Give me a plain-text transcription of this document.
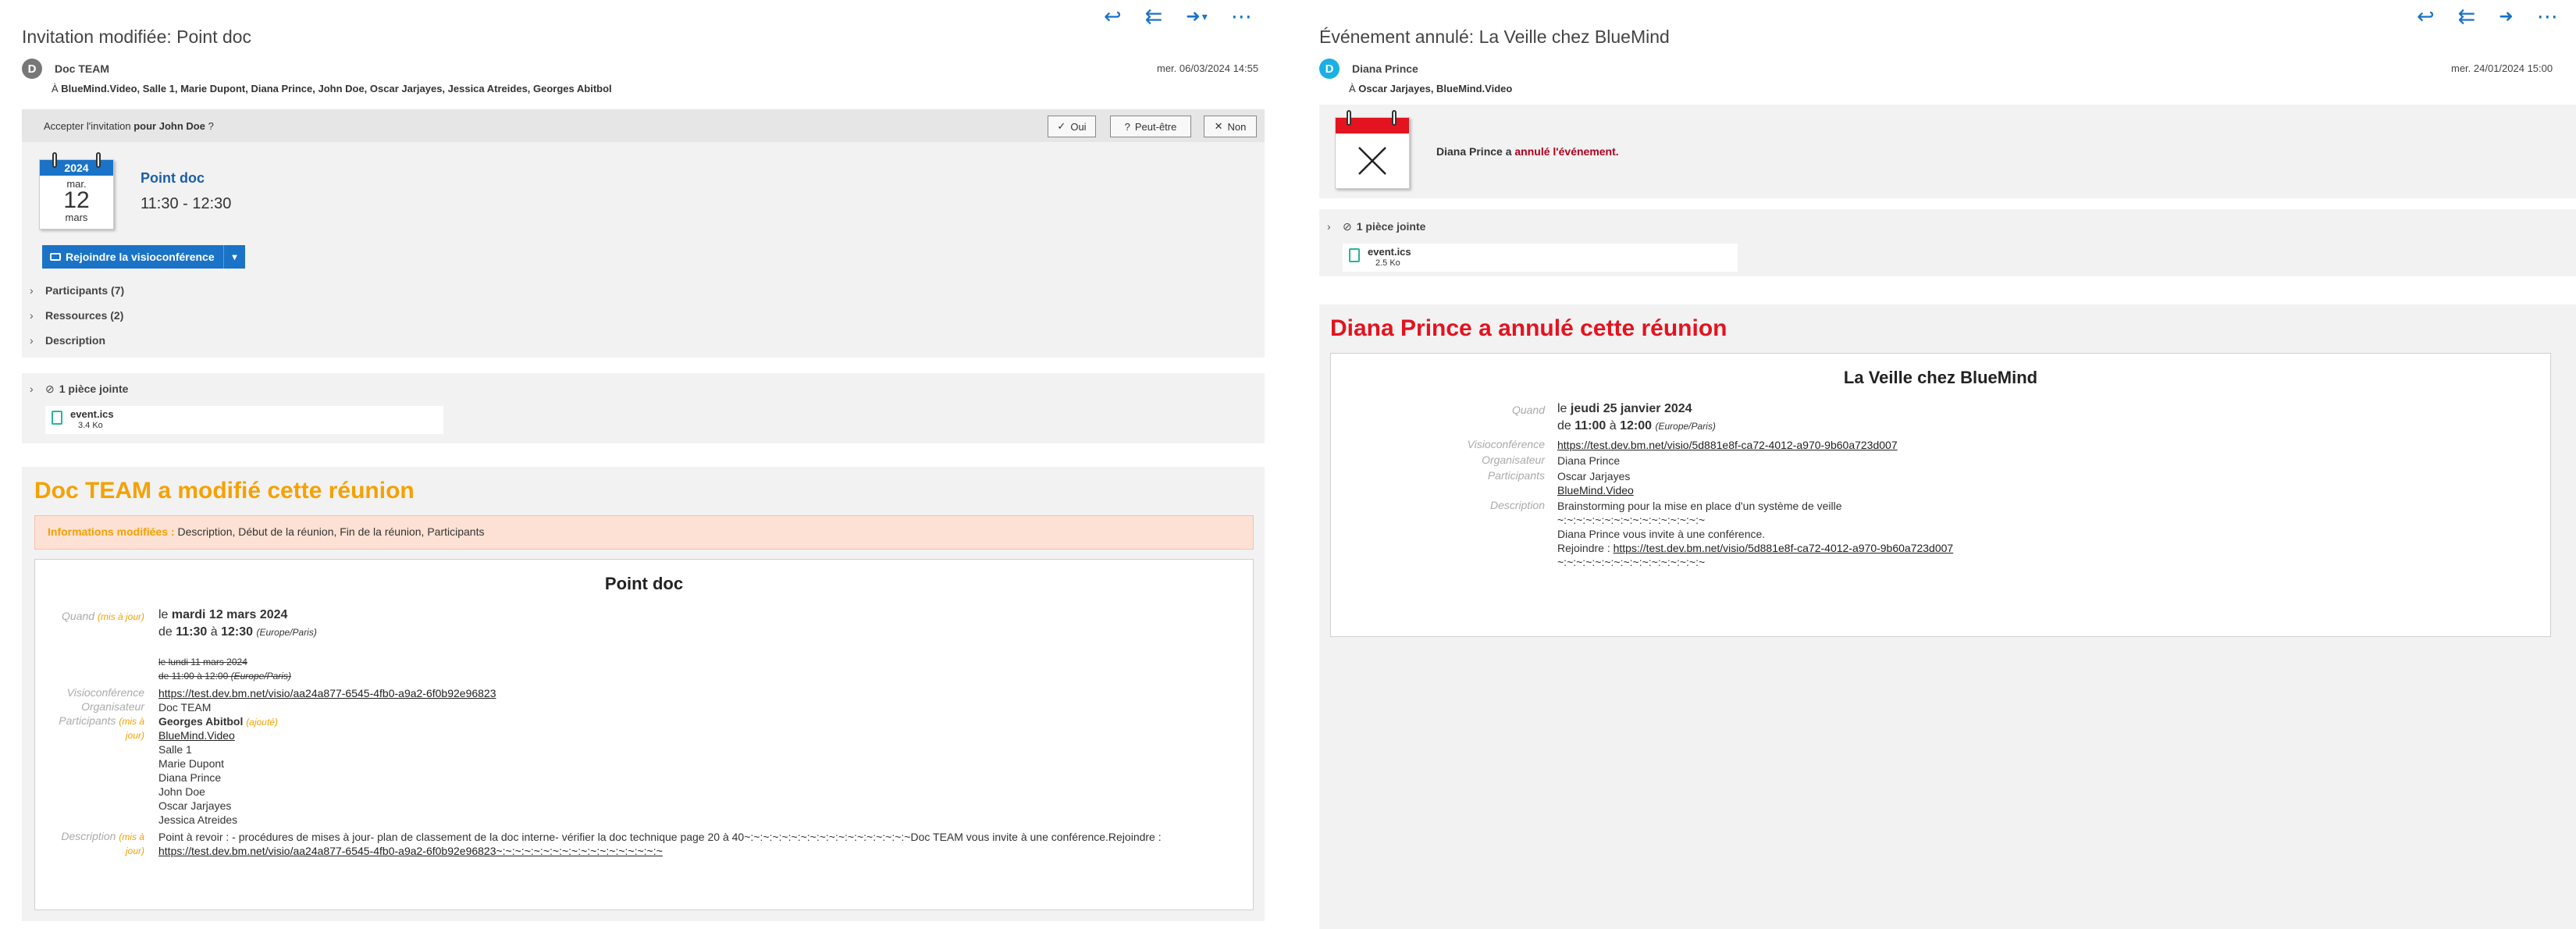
↩ ⇇ ➜ ▾ ⋯
Invitation modifiée: Point doc
D	Doc TEAM	mer. 06/03/2024 14:55
À BlueMind.Video, Salle 1, Marie Dupont, Diana Prince, John Doe, Oscar Jarjayes, Jessica Atreides, Georges Abitbol
Accepter l'invitation pour John Doe ?	✓ Oui	? Peut-être	✕ Non
2024
mar.
12
mars
Point doc
11:30 - 12:30
Rejoindre la visioconférence	▾
› Participants (7)
› Ressources (2)
› Description
› ⊘ 1 pièce jointe
event.ics
3.4 Ko
Doc TEAM a modifié cette réunion
Informations modifiées : Description, Début de la réunion, Fin de la réunion, Participants
Point doc
Quand (mis à jour) le mardi 12 mars 2024
de 11:30 à 12:30 (Europe/Paris)
le lundi 11 mars 2024
de 11:00 à 12:00 (Europe/Paris)
Visioconférence https://test.dev.bm.net/visio/aa24a877-6545-4fb0-a9a2-6f0b92e96823
Organisateur Doc TEAM
Participants (mis à
jour)
Georges Abitbol (ajouté)
BlueMind.Video
Salle 1
Marie Dupont
Diana Prince
John Doe
Oscar Jarjayes
Jessica Atreides
Description (mis à
jour)
Point à revoir : - procédures de mises à jour- plan de classement de la doc interne- vérifier la doc technique page 20 à 40~:~:~:~:~:~:~:~:~:~:~:~:~:~:~:~:~:~Doc TEAM vous invite à une conférence.Rejoindre :
https://test.dev.bm.net/visio/aa24a877-6545-4fb0-a9a2-6f0b92e96823~:~:~:~:~:~:~:~:~:~:~:~:~:~:~:~:~:~
↩ ⇇ ➜ ⋯
Événement annulé: La Veille chez BlueMind
D	Diana Prince	mer. 24/01/2024 15:00
À Oscar Jarjayes, BlueMind.Video
Diana Prince a annulé l'événement.
› ⊘ 1 pièce jointe
event.ics
2.5 Ko
Diana Prince a annulé cette réunion
La Veille chez BlueMind
Quand le jeudi 25 janvier 2024
de 11:00 à 12:00 (Europe/Paris)
Visioconférence https://test.dev.bm.net/visio/5d881e8f-ca72-4012-a970-9b60a723d007
Organisateur Diana Prince
Participants Oscar Jarjayes
BlueMind.Video
Description Brainstorming pour la mise en place d'un système de veille
~:~:~:~:~:~:~:~:~:~:~:~:~:~:~:~
Diana Prince vous invite à une conférence.
Rejoindre : https://test.dev.bm.net/visio/5d881e8f-ca72-4012-a970-9b60a723d007
~:~:~:~:~:~:~:~:~:~:~:~:~:~:~:~
